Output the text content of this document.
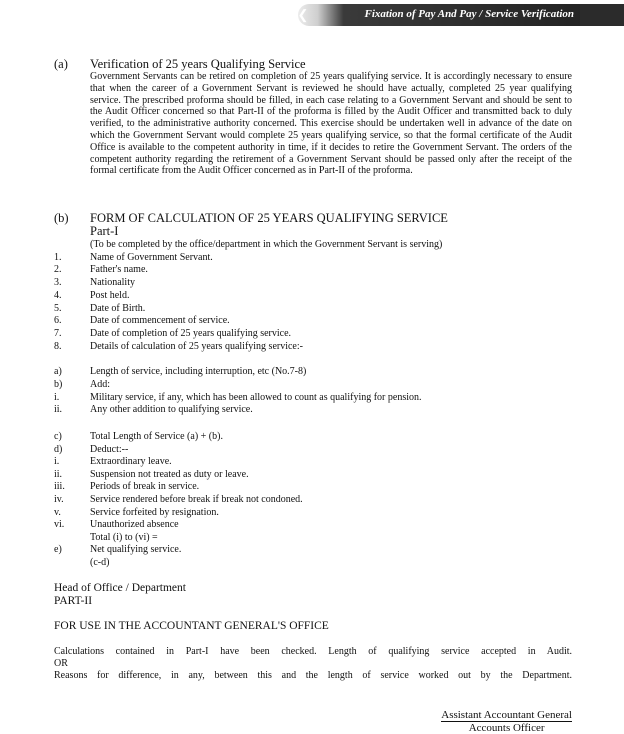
❮	Fixation of Pay And Pay / Service Verification
(a) Verification of 25 years Qualifying Service
Government Servants can be retired on completion of 25 years qualifying service. It is accordingly necessary to ensure that when the career of a Government Servant is reviewed he should have actually, completed 25 year qualifying service. The prescribed proforma should be filled, in each case relating to a Government Servant and should be sent to the Audit Officer concerned so that Part-II of the proforma is filled by the Audit Officer and transmitted back to duly verified, to the administrative authority concerned. This exercise should be undertaken well in advance of the date on which the Government Servant would complete 25 years qualifying service, so that the formal certificate of the Audit Office is available to the competent authority in time, if it decides to retire the Government Servant. The orders of the competent authority regarding the retirement of a Government Servant should be passed only after the receipt of the formal certificate from the Audit Officer concerned as in Part-II of the proforma.
(b) FORM OF CALCULATION OF 25 YEARS QUALIFYING SERVICE
Part-I
(To be completed by the office/department in which the Government Servant is serving)
1.	Name of Government Servant.
2.	Father's name.
3.	Nationality
4.	Post held.
5.	Date of Birth.
6.	Date of commencement of service.
7.	Date of completion of 25 years qualifying service.
8.	Details of calculation of 25 years qualifying service:-
a)	Length of service, including interruption, etc (No.7-8)
b)	Add:
i.	Military service, if any, which has been allowed to count as qualifying for pension.
ii.	Any other addition to qualifying service.
c)	Total Length of Service (a) + (b).
d)	Deduct:--
i.	Extraordinary leave.
ii.	Suspension not treated as duty or leave.
iii.	Periods of break in service.
iv.	Service rendered before break if break not condoned.
v.	Service forfeited by resignation.
vi.	Unauthorized absence
Total (i) to (vi) =
e)	Net qualifying service.
(c-d)
Head of Office / Department
PART-II
FOR USE IN THE ACCOUNTANT GENERAL'S OFFICE
Calculations contained in Part-I have been checked. Length of qualifying service accepted in Audit.
OR
Reasons for difference, in any, between this and the length of service worked out by the Department.
Assistant Accountant General
Accounts Officer
